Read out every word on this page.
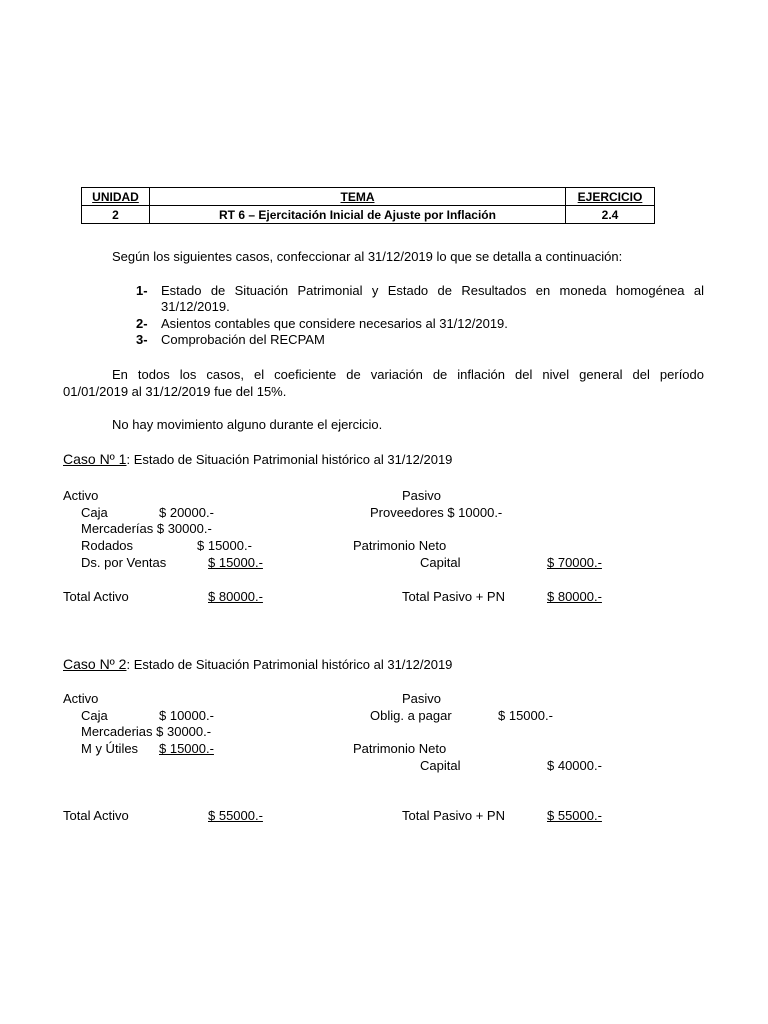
UNIDAD	TEMA	EJERCICIO
2	RT 6 – Ejercitación Inicial de Ajuste por Inflación	2.4
Según los siguientes casos, confeccionar al 31/12/2019 lo que se detalla a continuación:
1- Estado de Situación Patrimonial y Estado de Resultados en moneda homogénea al
31/12/2019.
2- Asientos contables que considere necesarios al 31/12/2019.
3- Comprobación del RECPAM
En todos los casos, el coeficiente de variación de inflación del nivel general del período
01/01/2019 al 31/12/2019 fue del 15%.
No hay movimiento alguno durante el ejercicio.
Caso Nº 1: Estado de Situación Patrimonial histórico al 31/12/2019
Activo	Pasivo
Caja	$ 20000.-	Proveedores $ 10000.-
Mercaderías $ 30000.-
Rodados	$ 15000.-	Patrimonio Neto
Ds. por Ventas	$ 15000.-	Capital	$ 70000.-
Total Activo	$ 80000.-	Total Pasivo + PN	$ 80000.-
Caso Nº 2: Estado de Situación Patrimonial histórico al 31/12/2019
Activo	Pasivo
Caja	$ 10000.-	Oblig. a pagar	$ 15000.-
Mercaderias $ 30000.-
M y Útiles $ 15000.-	Patrimonio Neto
Capital	$ 40000.-
Total Activo	$ 55000.-	Total Pasivo + PN	$ 55000.-
